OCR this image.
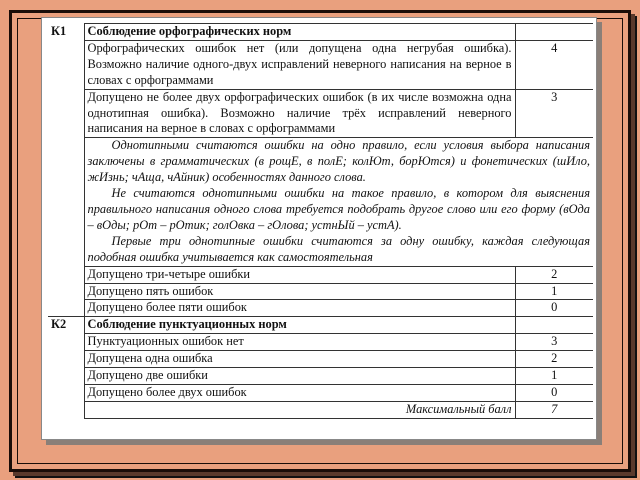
К1	Соблюдение орфографических норм	
	Орфографических ошибок нет (или допущена одна негрубая ошибка). Возможно наличие одного-двух исправлений неверного написания на верное в словах с орфограммами	4
	Допущено не более двух орфографических ошибок (в их числе возможна одна однотипная ошибка). Возможно наличие трёх исправлений неверного написания на верное в словах с орфограммами	3

	Однотипными считаются ошибки на одно правило, если условия выбора написания заключены в грамматических (в рощЕ, в полЕ; колЮт, борЮтся) и фонетических (шИло, жИзнь; чАща, чАйник) особенностях данного слова.

Не считаются однотипными ошибки на такое правило, в котором для выяснения правильного написания одного слова требуется подобрать другое слово или его форму (вОда – вОды; рОт – рОтик; голОвка – гОлова; устнЫй – устА).

Первые три однотипные ошибки считаются за одну ошибку, каждая следующая подобная ошибка учитывается как самостоятельная	

	Допущено три-четыре ошибки	2
	Допущено пять ошибок	1
	Допущено более пяти ошибок	0
К2	Соблюдение пунктуационных норм	
	Пунктуационных ошибок нет	3
	Допущена одна ошибка	2
	Допущено две ошибки	1
	Допущено более двух ошибок	0
	Максимальный балл	7
